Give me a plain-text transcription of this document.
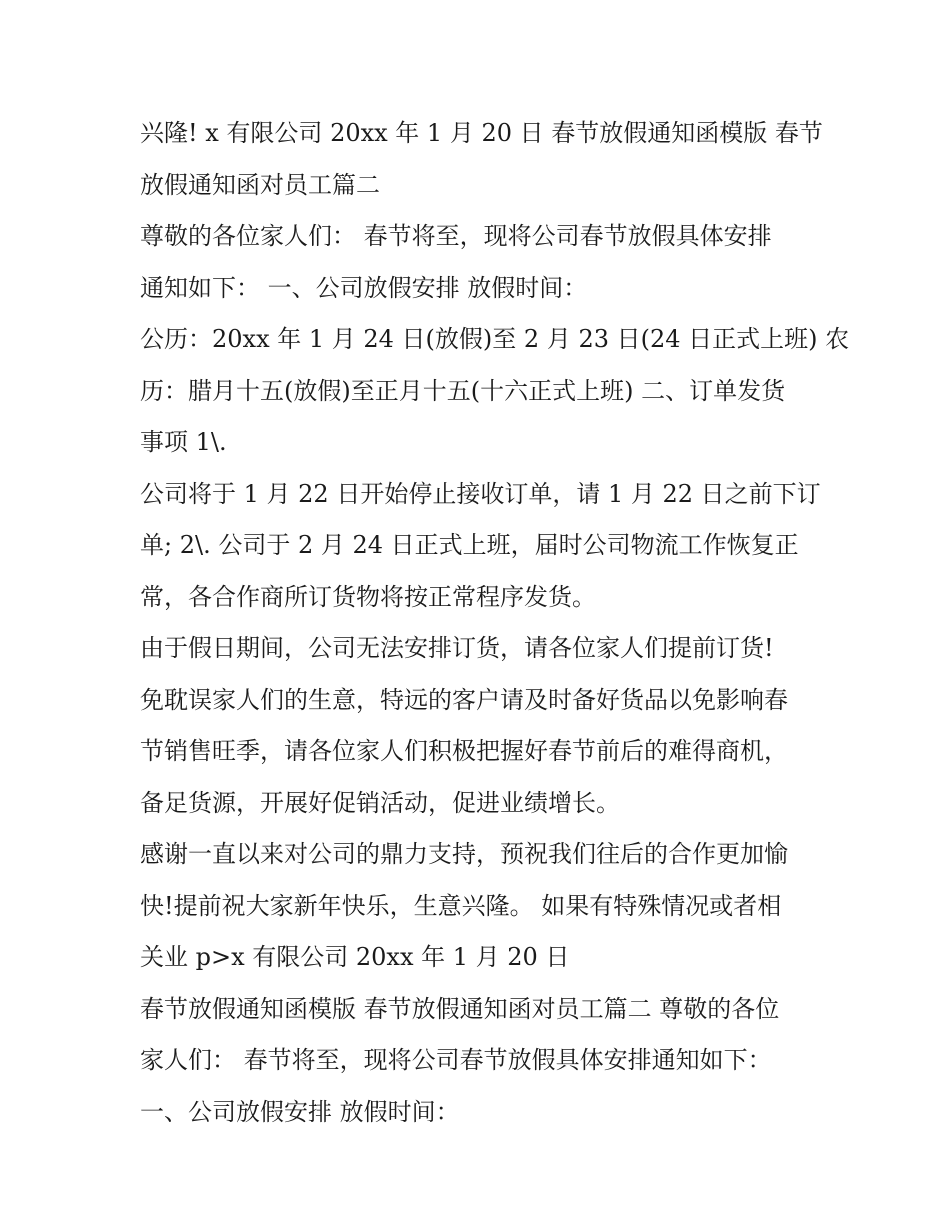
兴隆! x 有限公司 20xx 年 1 月 20 日 春节放假通知函模版 春节
放假通知函对员工篇二
尊敬的各位家人们： 春节将至，现将公司春节放假具体安排
通知如下： 一、公司放假安排 放假时间：
公历：20xx 年 1 月 24 日(放假)至 2 月 23 日(24 日正式上班) 农
历：腊月十五(放假)至正月十五(十六正式上班) 二、订单发货
事项 1\.
公司将于 1 月 22 日开始停止接收订单，请 1 月 22 日之前下订
单; 2\. 公司于 2 月 24 日正式上班，届时公司物流工作恢复正
常，各合作商所订货物将按正常程序发货。
由于假日期间，公司无法安排订货，请各位家人们提前订货!
免耽误家人们的生意，特远的客户请及时备好货品以免影响春
节销售旺季，请各位家人们积极把握好春节前后的难得商机，
备足货源，开展好促销活动，促进业绩增长。
感谢一直以来对公司的鼎力支持，预祝我们往后的合作更加愉
快!提前祝大家新年快乐，生意兴隆。 如果有特殊情况或者相
关业 p>x 有限公司 20xx 年 1 月 20 日
春节放假通知函模版 春节放假通知函对员工篇二 尊敬的各位
家人们： 春节将至，现将公司春节放假具体安排通知如下：
一、公司放假安排 放假时间：
